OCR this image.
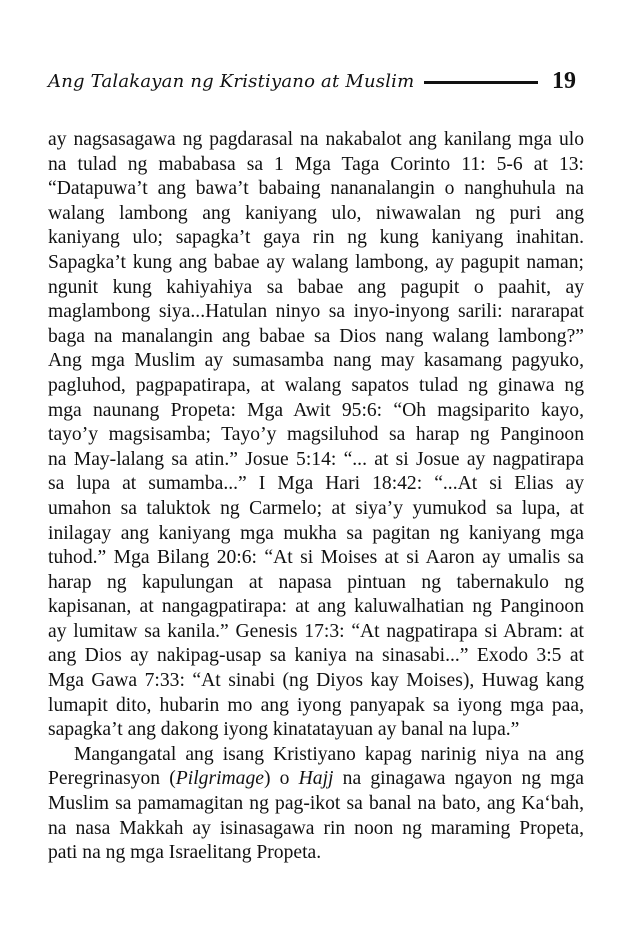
Ang Talakayan ng Kristiyano at Muslim	19
ay nagsasagawa ng pagdarasal na nakabalot ang kanilang mga ulo
na tulad ng mababasa sa 1 Mga Taga Corinto 11: 5-6 at 13:
“Datapuwa’t ang bawa’t babaing nananalangin o nanghuhula na
walang lambong ang kaniyang ulo, niwawalan ng puri ang
kaniyang ulo; sapagka’t gaya rin ng kung kaniyang inahitan.
Sapagka’t kung ang babae ay walang lambong, ay pagupit naman;
ngunit kung kahiyahiya sa babae ang pagupit o paahit, ay
maglambong siya...Hatulan ninyo sa inyo-inyong sarili: nararapat
baga na manalangin ang babae sa Dios nang walang lambong?”
Ang mga Muslim ay sumasamba nang may kasamang pagyuko,
pagluhod, pagpapatirapa, at walang sapatos tulad ng ginawa ng
mga naunang Propeta: Mga Awit 95:6: “Oh magsiparito kayo,
tayo’y magsisamba; Tayo’y magsiluhod sa harap ng Panginoon
na May-lalang sa atin.” Josue 5:14: “... at si Josue ay nagpatirapa
sa lupa at sumamba...” I Mga Hari 18:42: “...At si Elias ay
umahon sa taluktok ng Carmelo; at siya’y yumukod sa lupa, at
inilagay ang kaniyang mga mukha sa pagitan ng kaniyang mga
tuhod.” Mga Bilang 20:6: “At si Moises at si Aaron ay umalis sa
harap ng kapulungan at napasa pintuan ng tabernakulo ng
kapisanan, at nangagpatirapa: at ang kaluwalhatian ng Panginoon
ay lumitaw sa kanila.” Genesis 17:3: “At nagpatirapa si Abram: at
ang Dios ay nakipag-usap sa kaniya na sinasabi...” Exodo 3:5 at
Mga Gawa 7:33: “At sinabi (ng Diyos kay Moises), Huwag kang
lumapit dito, hubarin mo ang iyong panyapak sa iyong mga paa,
sapagka’t ang dakong iyong kinatatayuan ay banal na lupa.”
Mangangatal ang isang Kristiyano kapag narinig niya na ang
Peregrinasyon (Pilgrimage) o Hajj na ginagawa ngayon ng mga
Muslim sa pamamagitan ng pag-ikot sa banal na bato, ang Ka‘bah,
na nasa Makkah ay isinasagawa rin noon ng maraming Propeta,
pati na ng mga Israelitang Propeta.
